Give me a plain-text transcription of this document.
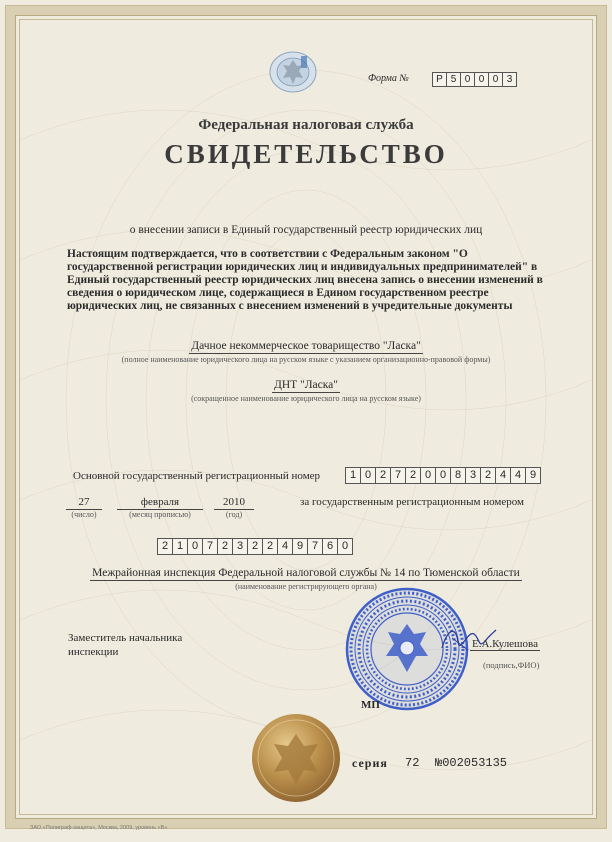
Форма №	Р 5 0 0 0 3
Федеральная налоговая служба
СВИДЕТЕЛЬСТВО
о внесении записи в Единый государственный реестр юридических лиц
Настоящим подтверждается, что в соответствии с Федеральным законом "О государственной регистрации юридических лиц и индивидуальных предпринимателей" в Единый государственный реестр юридических лиц внесена запись о внесении изменений в сведения о юридическом лице, содержащиеся в Едином государственном реестре юридических лиц, не связанных с внесением изменений в учредительные документы
Дачное некоммерческое товарищество "Ласка"
(полное наименование юридического лица на русском языке с указанием организационно-правовой формы)
ДНТ "Ласка"
(сокращенное наименование юридического лица на русском языке)
Основной государственный регистрационный номер	1 0 2 7 2 0 0 8 3 2 4 4 9
27
(число)
февраля
(месяц прописью)
2010
(год)
за государственным регистрационным номером
2 1 0 7 2 3 2 2 4 9 7 6 0
Межрайонная инспекция Федеральной налоговой службы № 14 по Тюменской области
(наименование регистрирующего органа)
Заместитель начальника
инспекции
Е.А.Кулешова
(подпись,ФИО)
МП
серия 72 №002053135
ЗАО «Полиграф-защита», Москва, 2009, уровень «В»
